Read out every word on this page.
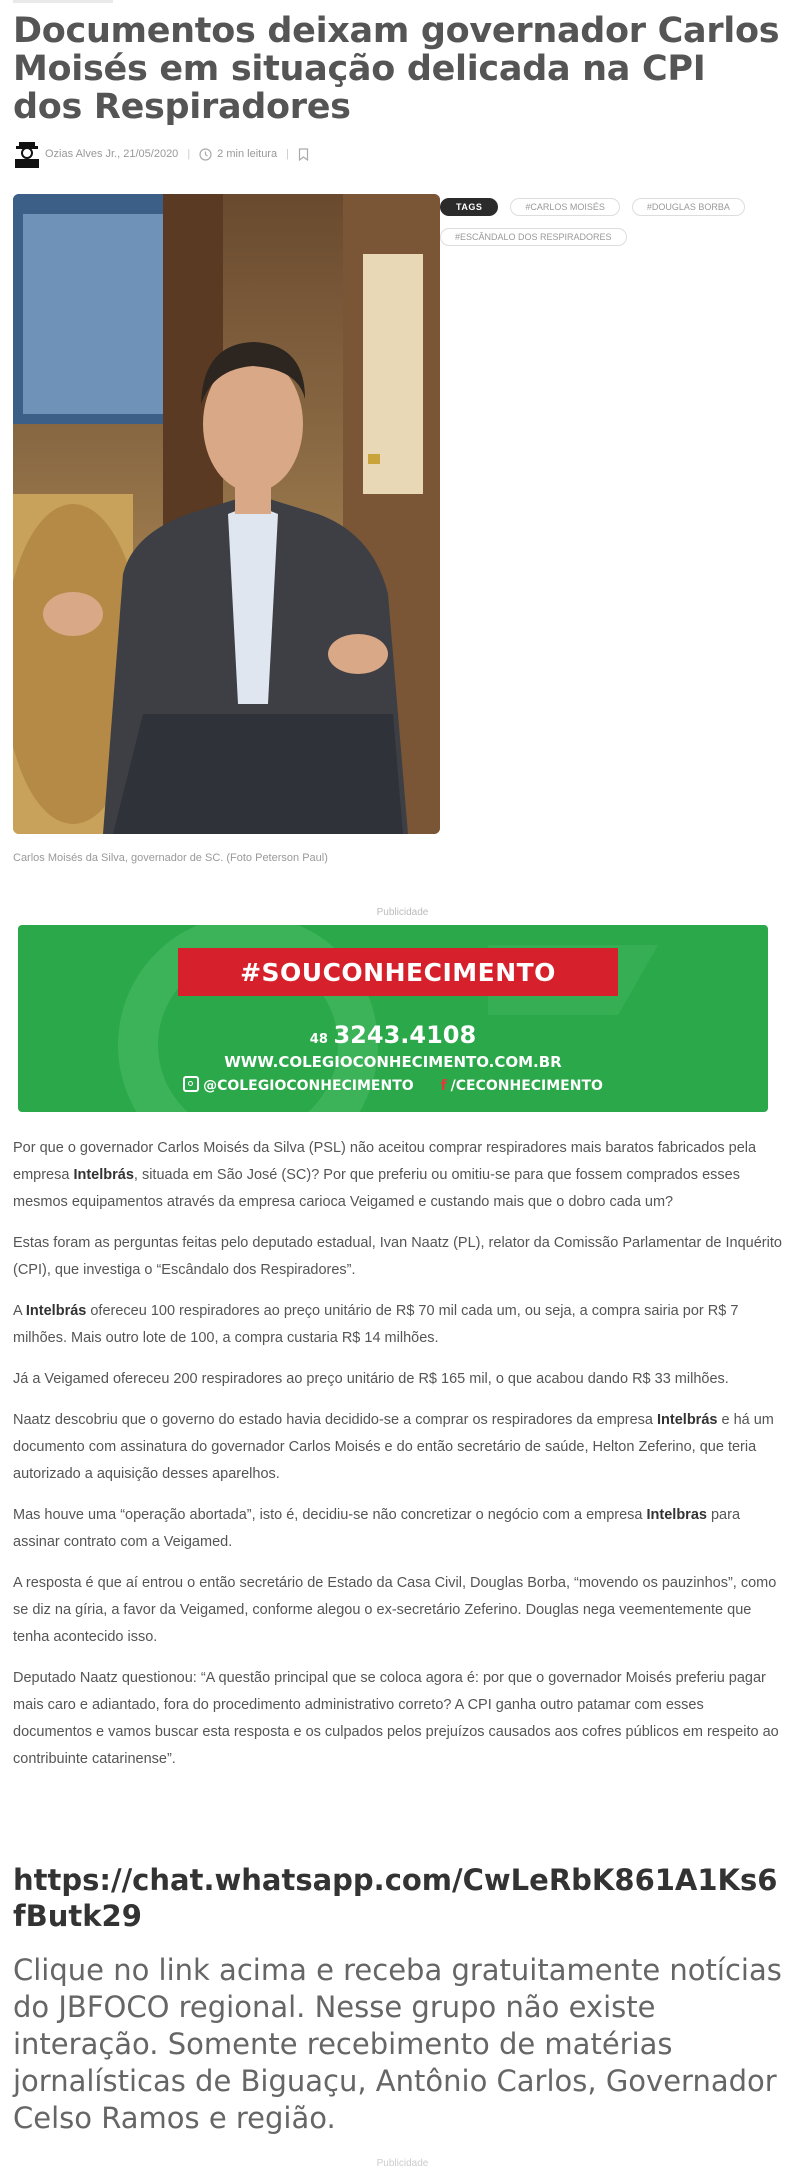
Documentos deixam governador Carlos Moisés em situação delicada na CPI dos Respiradores
Ozias Alves Jr., 21/05/2020 | 2 min leitura |
Carlos Moisés da Silva, governador de SC. (Foto Peterson Paul)
TAGS	#CARLOS MOISÉS	#DOUGLAS BORBA
#ESCÂNDALO DOS RESPIRADORES
Publicidade
#SOUCONHECIMENTO
48 3243.4108
WWW.COLEGIOCONHECIMENTO.COM.BR
@COLEGIOCONHECIMENTO f /CECONHECIMENTO

Por que o governador Carlos Moisés da Silva (PSL) não aceitou comprar respiradores mais baratos fabricados pela empresa Intelbrás, situada em São José (SC)? Por que preferiu ou omitiu-se para que fossem comprados esses mesmos equipamentos através da empresa carioca Veigamed e custando mais que o dobro cada um?

Estas foram as perguntas feitas pelo deputado estadual, Ivan Naatz (PL), relator da Comissão Parlamentar de Inquérito (CPI), que investiga o “Escândalo dos Respiradores”.

A Intelbrás ofereceu 100 respiradores ao preço unitário de R$ 70 mil cada um, ou seja, a compra sairia por R$ 7 milhões. Mais outro lote de 100, a compra custaria R$ 14 milhões.

Já a Veigamed ofereceu 200 respiradores ao preço unitário de R$ 165 mil, o que acabou dando R$ 33 milhões.

Naatz descobriu que o governo do estado havia decidido-se a comprar os respiradores da empresa Intelbrás e há um documento com assinatura do governador Carlos Moisés e do então secretário de saúde, Helton Zeferino, que teria autorizado a aquisição desses aparelhos.

Mas houve uma “operação abortada”, isto é, decidiu-se não concretizar o negócio com a empresa Intelbras para assinar contrato com a Veigamed.

A resposta é que aí entrou o então secretário de Estado da Casa Civil, Douglas Borba, “movendo os pauzinhos”, como se diz na gíria, a favor da Veigamed, conforme alegou o ex-secretário Zeferino. Douglas nega veementemente que tenha acontecido isso.

Deputado Naatz questionou: “A questão principal que se coloca agora é: por que o governador Moisés preferiu pagar mais caro e adiantado, fora do procedimento administrativo correto? A CPI ganha outro patamar com esses documentos e vamos buscar esta resposta e os culpados pelos prejuízos causados aos cofres públicos em respeito ao contribuinte catarinense”.

https://chat.whatsapp.com/CwLeRbK861A1Ks6fButk29
Clique no link acima e receba gratuitamente notícias do JBFOCO regional. Nesse grupo não existe interação. Somente recebimento de matérias jornalísticas de Biguaçu, Antônio Carlos, Governador Celso Ramos e região.
Publicidade
